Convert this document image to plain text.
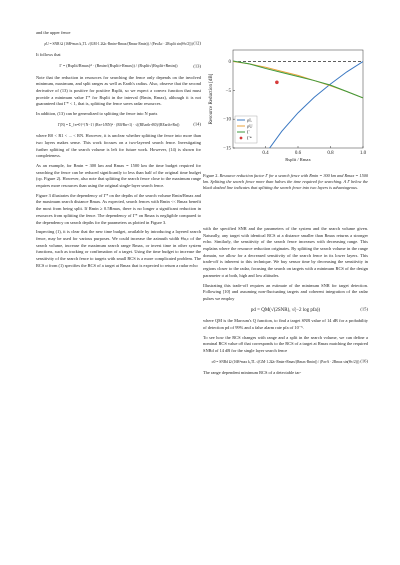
and the upper fence

ρU = SNR Ω (16R⁴max k₀TL √(GM·1.2Ωc·Rmin+Rmax/(Rmax·Rmin)) / (PavΔσ · 2Rsplit sin(Θc/2))) (12)

It follows that

Γ = (Rsplit/Rmax)⁴ · (Rmin√(Rsplit+Rmax)) / (Rsplit√(Rsplit+Rmin))	(13)

Note that the reduction in resources for searching the fence only depends on the involved minimum, maximum, and split ranges as well as Earth's radius. Also, observe that the second derivative of (13) is positive for positive Rsplit, so we expect a convex function that must provide a minimum value Γ* for Rsplit in the interval (Rmin, Rmax), although it is not guaranteed that Γ* < 1, that is, splitting the fence saves radar resources.

In addition, (13) can be generalized to splitting the fence into N parts

Γ(N) = Σ_{n=0}^{N−1} (Rn+1/RN)⁴ · (R0/Rn+1) · √((REarth+R0)/(REarth+Rn))	(14)

where R0 < R1 < ... < RN. However, it is unclear whether splitting the fence into more than two layers makes sense. This work focuses on a two-layered search fence. Investigating further splitting of the search volume is left for future work. However, (14) is shown for completeness.

As an example, for Rmin = 300 km and Rmax = 1500 km the time budget required for searching the fence can be reduced significantly to less than half of the original time budget (cp. Figure 2). However, also note that splitting the search fence close to the maximum range requires more resources than using the original single-layer search fence.

Figure 3 illustrates the dependency of Γ* on the depths of the search volume Rmin/Rmax and the maximum search distance Rmax. As expected, search fences with Rmin << Rmax benefit the most from being split. If Rmin ≥ 0.5Rmax, there is no longer a significant reduction in resources from splitting the fence. The dependency of Γ* on Rmax is negligible compared to the dependency on search depths for the parameters as plotted in Figure 3.

Inspecting (1), it is clear that the new time budget, available by introducing a layered search fence, may be used for various purposes. We could increase the azimuth width Θa,c of the search volume, increase the maximum search range Rmax, or invest time in other system functions, such as tracking or confirmation of a target. Using the time budget to increase the sensitivity of the search fence to targets with small RCS is a more complicated problem. The RCS σ from (1) specifies the RCS of a target at Rmax that is expected to return a radar echo

0
−5
−10
−15
0.4	0.6	0.8	1.0
Resource Reduction [dB]
Rsplit / Rmax
ρL
ρU
Γ
Γ*
Figure 2. Resource reduction factor Γ for a search fence with Rmin = 300 km and Rmax = 1500 km. Splitting the search fence more than halves the time required for searching. A Γ below the black dashed line indicates that splitting the search fence into two layers is advantageous.

with the specified SNR and the parameters of the system and the search volume given. Naturally, any target with identical RCS at a distance smaller than Rmax returns a stronger echo. Similarly, the sensitivity of the search fence increases with decreasing range. This explains where the resource reduction originates. By splitting the search volume in the range domain, we allow for a decreased sensitivity of the search fence in its lower layers. This trade-off is inherent to this technique. We buy sensor time by decreasing the sensitivity in regions closer to the radar, focusing the search on targets with a minimum RCS of the design parameter σ at both, high and low altitudes.

Illustrating this trade-off requires an estimate of the minimum SNR for target detection. Following [10] and assuming non-fluctuating targets and coherent integration of the radar pulses we employ

pd = QM(√(2SNR), √(−2 log pfa))	(15)

where QM is the Marcum's Q function, to find a target SNR value of 14 dB for a probability of detection pd of 99% and a false alarm rate pfa of 10⁻⁵.

To see how the RCS changes with range and a split in the search volume, we can define a nominal RCS value σ0 that corresponds to the RCS of a target at Rmax matching the required SNRd of 14 dB for the single layer search fence

σ0 = SNRd Ω (16R⁴max k₀TL √(GM·1.2Ωc·Rmin+Rmax/(Rmax·Rmin)) / (PavA · 2Rmax sin(Θc/2))) (16)

The range dependent minimum RCS of a detectable tar-
